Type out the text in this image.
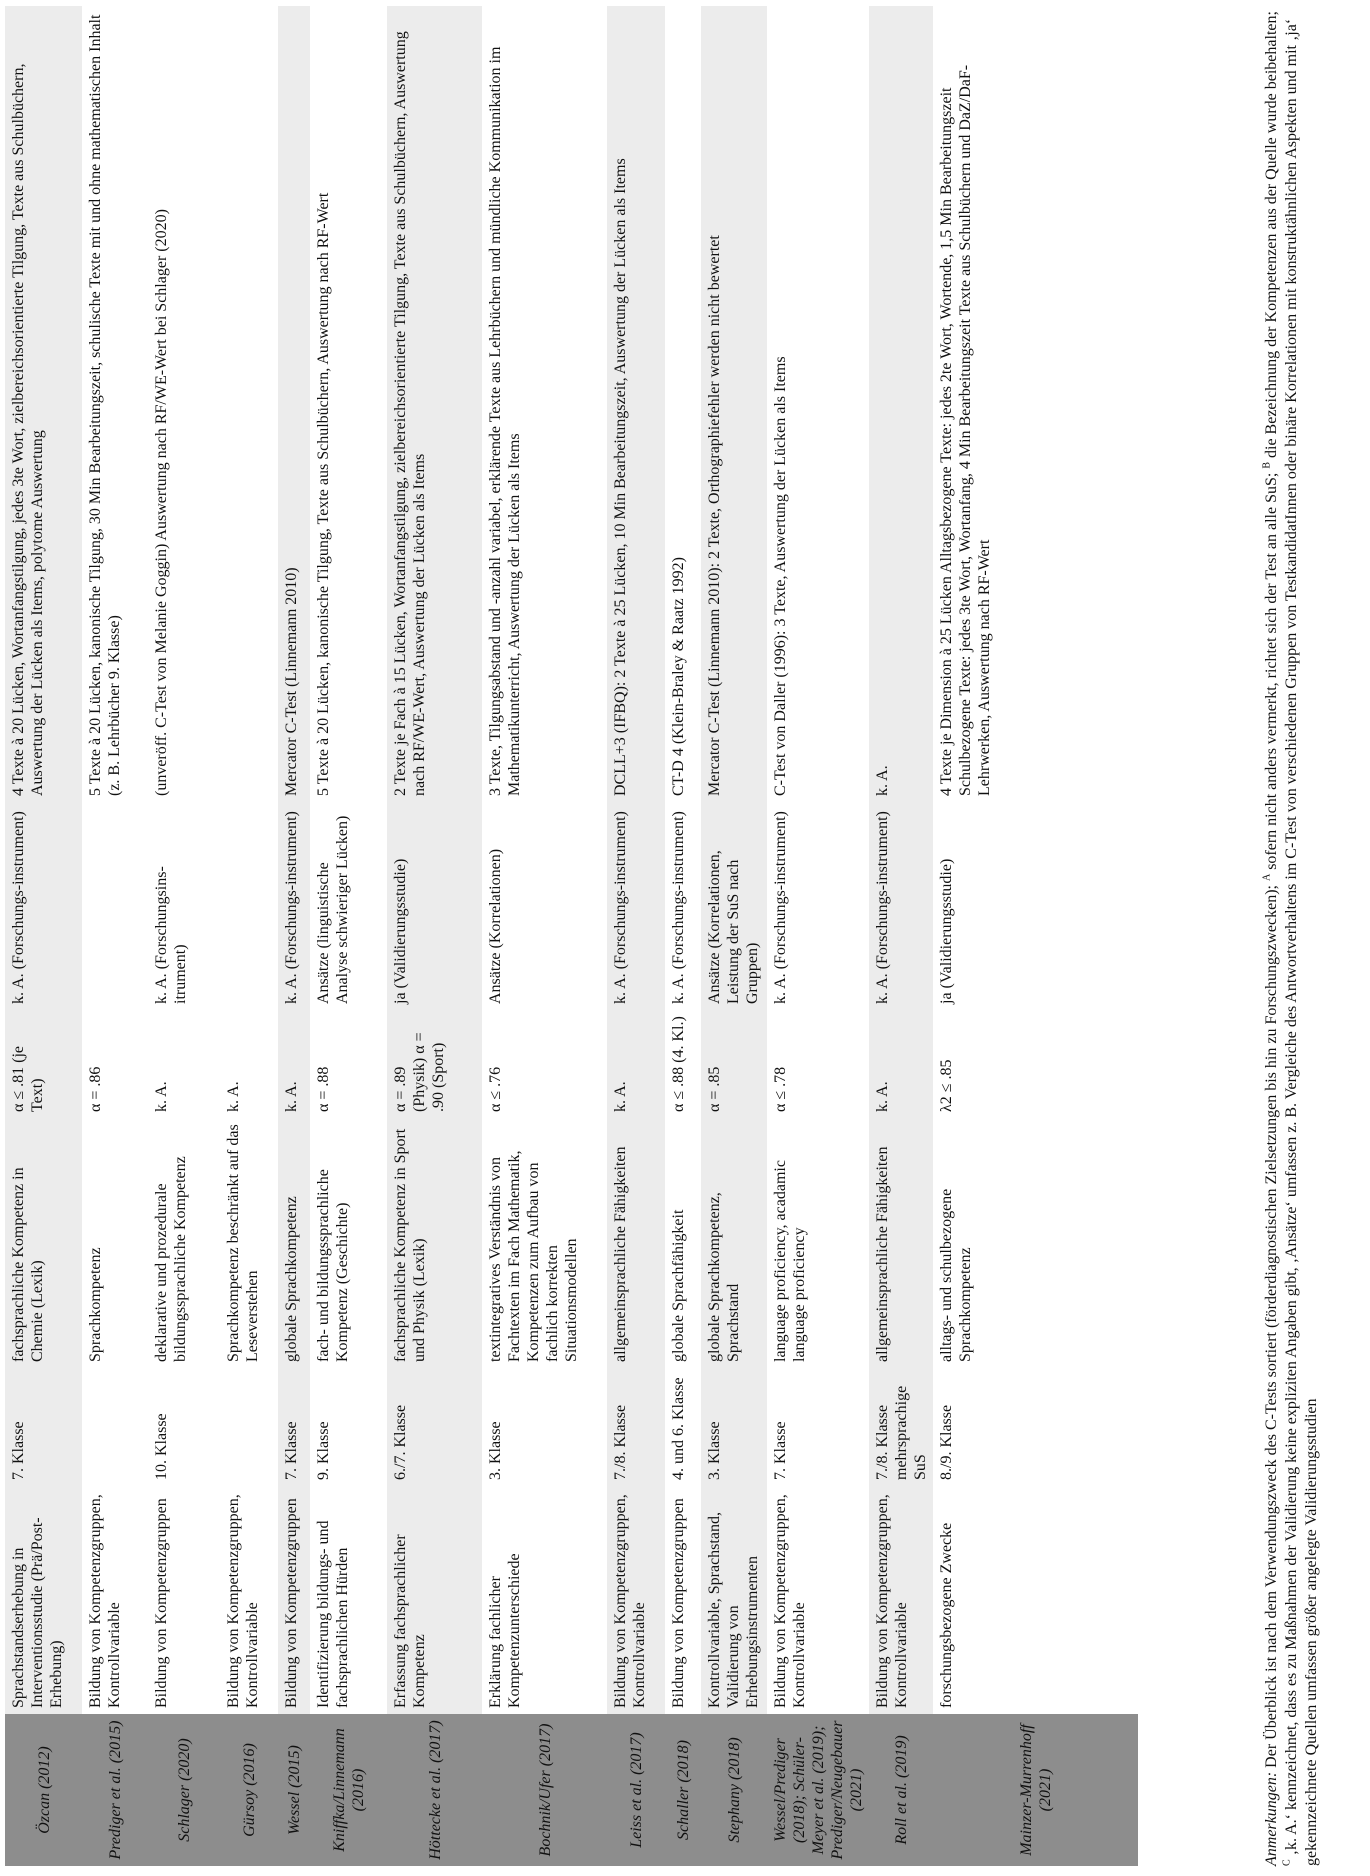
Özcan (2012)	Sprachstandserhebung in Interventionsstudie (Prä/Post-Erhebung)	7. Klasse	fachsprachliche Kompetenz in Chemie (Lexik)	α ≤ .81 (je Text)	k. A. (Forschungs-instrument)	4 Texte à 20 Lücken, Wortanfangstilgung, jedes 3te Wort, zielbereichsorientierte Tilgung, Texte aus Schulbüchern, Auswertung der Lücken als Items, polytome Auswertung
Prediger et al. (2015)	Bildung von Kompetenzgruppen, Kontrollvariable		Sprachkompetenz	α = .86		5 Texte à 20 Lücken, kanonische Tilgung, 30 Min Bearbeitungszeit, schulische Texte mit und ohne mathematischen Inhalt (z. B. Lehrbücher 9. Klasse)
Schlager (2020)	Bildung von Kompetenzgruppen	10. Klasse	deklarative und prozedurale bildungssprachliche Kompetenz	k. A.	k. A. (Forschungsins-itrument)	(unveröff. C-Test von Melanie Goggin) Auswertung nach RF/WE-Wert bei Schlager (2020)
Gürsoy (2016)	Bildung von Kompetenzgruppen, Kontrollvariable		Sprachkompetenz beschränkt auf das Leseverstehen	k. A.		
Wessel (2015)	Bildung von Kompetenzgruppen	7. Klasse	globale Sprachkompetenz	k. A.	k. A. (Forschungs-instrument)	Mercator C-Test (Linnemann 2010)
Kniffka/Linnemann (2016)	Identifizierung bildungs- und fachsprachlichen Hürden	9. Klasse	fach- und bildungssprachliche Kompetenz (Geschichte)	α = .88	Ansätze (linguistische Analyse schwieriger Lücken)	5 Texte à 20 Lücken, kanonische Tilgung, Texte aus Schulbüchern, Auswertung nach RF-Wert
Höttecke et al. (2017)	Erfassung fachsprachlicher Kompetenz	6./7. Klasse	fachsprachliche Kompetenz in Sport und Physik (Lexik)	α = .89 (Physik) α = .90 (Sport)	ja (Validierungsstudie)	2 Texte je Fach à 15 Lücken, Wortanfangstilgung, zielbereichsorientierte Tilgung, Texte aus Schulbüchern, Auswertung nach RF/WE-Wert, Auswertung der Lücken als Items
Bochnik/Ufer (2017)	Erklärung fachlicher Kompetenzunterschiede	3. Klasse	textintegratives Verständnis von Fachtexten im Fach Mathematik, Kompetenzen zum Aufbau von fachlich korrekten Situationsmodellen	α ≤ .76	Ansätze (Korrelationen)	3 Texte, Tilgungsabstand und -anzahl variabel, erklärende Texte aus Lehrbüchern und mündliche Kommunikation im Mathematikunterricht, Auswertung der Lücken als Items
Leiss et al. (2017)	Bildung von Kompetenzgruppen, Kontrollvariable	7./8. Klasse	allgemeinsprachliche Fähigkeiten	k. A.	k. A. (Forschungs-instrument)	DCLL+3 (IFBQ): 2 Texte à 25 Lücken, 10 Min Bearbeitungszeit, Auswertung der Lücken als Items
Schaller (2018)	Bildung von Kompetenzgruppen	4. und 6. Klasse	globale Sprachfähigkeit	α ≤ .88 (4. Kl.)	k. A. (Forschungs-instrument)	CT-D 4 (Klein-Braley & Raatz 1992)
Stephany (2018)	Kontrollvariable, Sprachstand, Validierung von Erhebungsinstrumenten	3. Klasse	globale Sprachkompetenz, Sprachstand	α = .85	Ansätze (Korrelationen, Leistung der SuS nach Gruppen)	Mercator C-Test (Linnemann 2010): 2 Texte, Orthographiefehler werden nicht bewertet
Wessel/Prediger (2018); Schüler-Meyer et al. (2019); Prediger/Neugebauer (2021)	Bildung von Kompetenzgruppen, Kontrollvariable	7. Klasse	language proficiency, acadamic language proficiency	α ≤ .78	k. A. (Forschungs-instrument)	C-Test von Daller (1996): 3 Texte, Auswertung der Lücken als Items
Roll et al. (2019)	Bildung von Kompetenzgruppen, Kontrollvariable	7./8. Klasse mehrsprachige SuS	allgemeinsprachliche Fähigkeiten	k. A.	k. A. (Forschungs-instrument)	k. A.
Mainzer-Murrenhoff (2021)	forschungsbezogene Zwecke	8./9. Klasse	alltags- und schulbezogene Sprachkompetenz	λ2 ≤ .85	ja (Validierungsstudie)	4 Texte je Dimension à 25 Lücken Alltagsbezogene Texte: jedes 2te Wort, Wortende, 1,5 Min Bearbeitungszeit Schulbezogene Texte: jedes 3te Wort, Wortanfang, 4 Min Bearbeitungszeit Texte aus Schulbüchern und DaZ/DaF-Lehrwerken, Auswertung nach RF-Wert

Anmerkungen: Der Überblick ist nach dem Verwendungszweck des C-Tests sortiert (förderdiagnostischen Zielsetzungen bis hin zu Forschungszwecken); $^A$ sofern nicht anders vermerkt, richtet sich der Test an alle SuS; $^B$ die Bezeichnung der Kompetenzen aus der Quelle wurde beibehalten; $^C$ ‚k. A.‘ kennzeichnet, dass es zu Maßnahmen der Validierung keine expliziten Angaben gibt, ‚Ansätze‘ umfassen z. B. Vergleiche des Antwortverhaltens im C-Test von verschiedenen Gruppen von TestkandidatInnen oder binäre Korrelationen mit konstruktähnlichen Aspekten und mit ‚ja‘ gekennzeichnete Quellen umfassen größer angelegte Validierungsstudien
